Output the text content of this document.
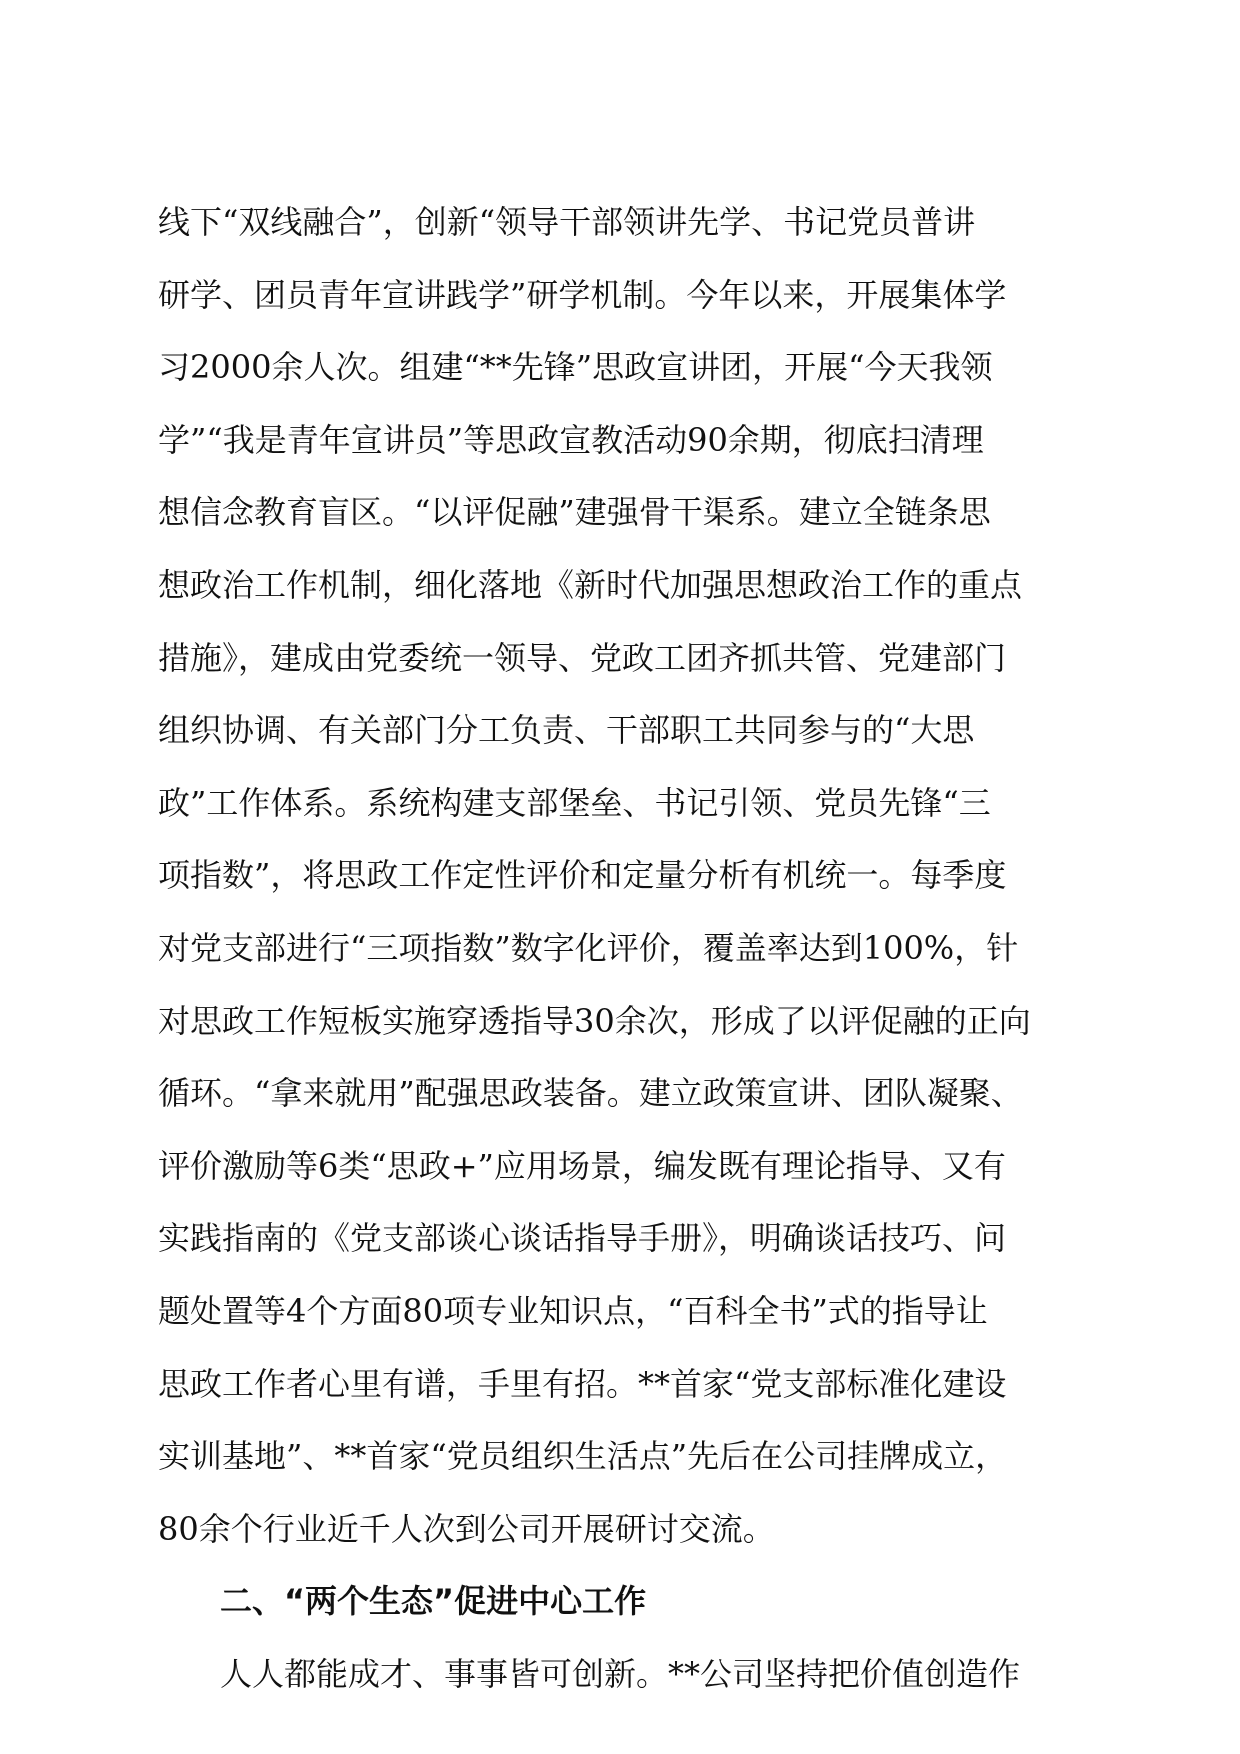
线下“双线融合”，创新“领导干部领讲先学、书记党员普讲
研学、团员青年宣讲践学”研学机制。今年以来，开展集体学
习2000余人次。组建“**先锋”思政宣讲团，开展“今天我领
学”“我是青年宣讲员”等思政宣教活动90余期，彻底扫清理
想信念教育盲区。“以评促融”建强骨干渠系。建立全链条思
想政治工作机制，细化落地《新时代加强思想政治工作的重点
措施》，建成由党委统一领导、党政工团齐抓共管、党建部门
组织协调、有关部门分工负责、干部职工共同参与的“大思
政”工作体系。系统构建支部堡垒、书记引领、党员先锋“三
项指数”，将思政工作定性评价和定量分析有机统一。每季度
对党支部进行“三项指数”数字化评价，覆盖率达到100%，针
对思政工作短板实施穿透指导30余次，形成了以评促融的正向
循环。“拿来就用”配强思政装备。建立政策宣讲、团队凝聚、
评价激励等6类“思政+”应用场景，编发既有理论指导、又有
实践指南的《党支部谈心谈话指导手册》，明确谈话技巧、问
题处置等4个方面80项专业知识点，“百科全书”式的指导让
思政工作者心里有谱，手里有招。**首家“党支部标准化建设
实训基地”、**首家“党员组织生活点”先后在公司挂牌成立，
80余个行业近千人次到公司开展研讨交流。
二、“两个生态”促进中心工作
人人都能成才、事事皆可创新。**公司坚持把价值创造作
